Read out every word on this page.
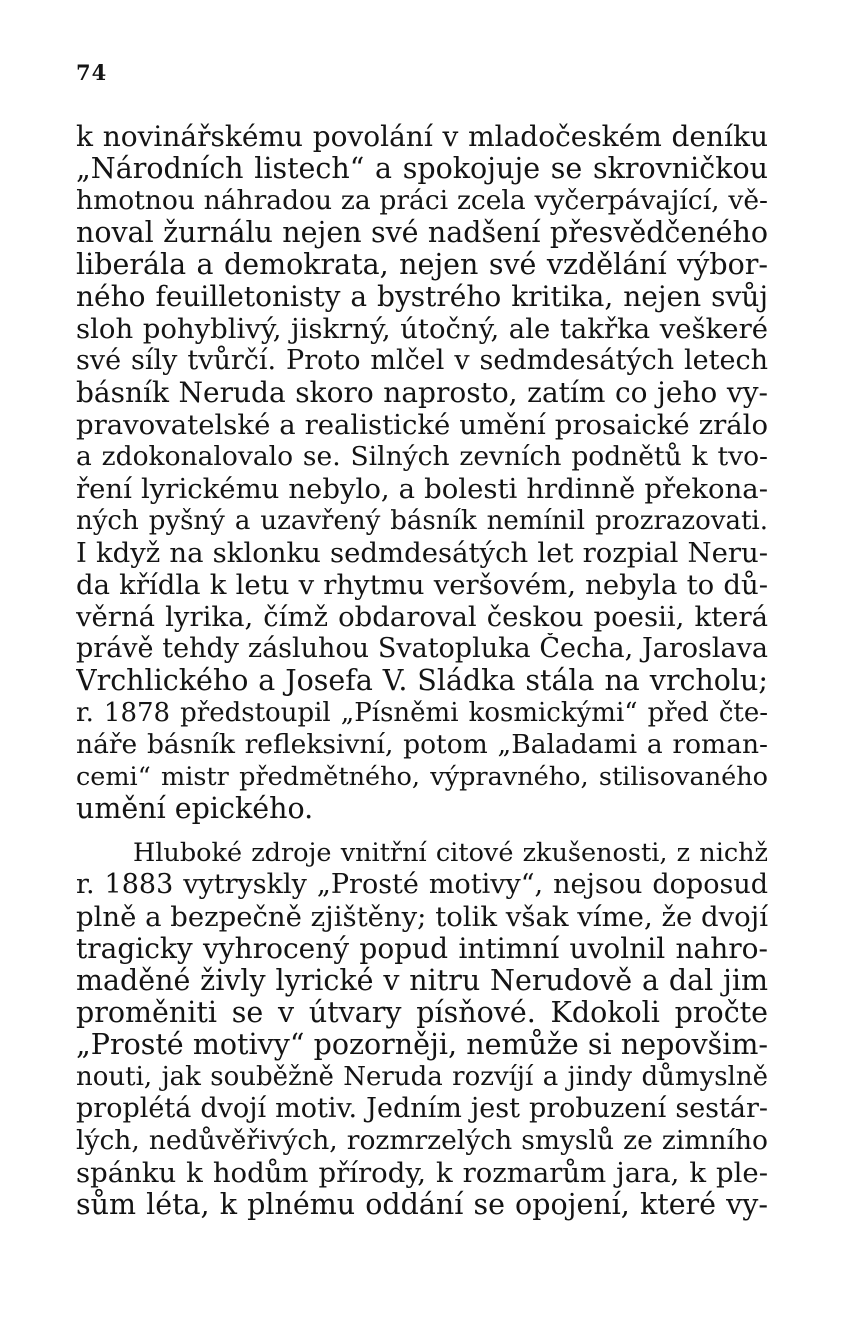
74
k novinářskému povolání v mladočeském deníku
„Národních listech“ a spokojuje se skrovničkou
hmotnou náhradou za práci zcela vyčerpávající, vě-
noval žurnálu nejen své nadšení přesvědčeného
liberála a demokrata, nejen své vzdělání výbor-
ného feuilletonisty a bystrého kritika, nejen svůj
sloh pohyblivý, jiskrný, útočný, ale takřka veškeré
své síly tvůrčí. Proto mlčel v sedmdesátých letech
básník Neruda skoro naprosto, zatím co jeho vy-
pravovatelské a realistické umění prosaické zrálo
a zdokonalovalo se. Silných zevních podnětů k tvo-
ření lyrickému nebylo, a bolesti hrdinně překona-
ných pyšný a uzavřený básník nemínil prozrazovati.
I když na sklonku sedmdesátých let rozpial Neru-
da křídla k letu v rhytmu veršovém, nebyla to dů-
věrná lyrika, čímž obdaroval českou poesii, která
právě tehdy zásluhou Svatopluka Čecha, Jaroslava
Vrchlického a Josefa V. Sládka stála na vrcholu;
r. 1878 předstoupil „Písněmi kosmickými“ před čte-
náře básník refleksivní, potom „Baladami a roman-
cemi“ mistr předmětného, výpravného, stilisovaného
umění epického.
Hluboké zdroje vnitřní citové zkušenosti, z nichž
r. 1883 vytryskly „Prosté motivy“, nejsou doposud
plně a bezpečně zjištěny; tolik však víme, že dvojí
tragicky vyhrocený popud intimní uvolnil nahro-
maděné živly lyrické v nitru Nerudově a dal jim
proměniti se v útvary písňové. Kdokoli pročte
„Prosté motivy“ pozorněji, nemůže si nepovšim-
nouti, jak souběžně Neruda rozvíjí a jindy důmyslně
proplétá dvojí motiv. Jedním jest probuzení sestár-
lých, nedůvěřivých, rozmrzelých smyslů ze zimního
spánku k hodům přírody, k rozmarům jara, k ple-
sům léta, k plnému oddání se opojení, které vy-
